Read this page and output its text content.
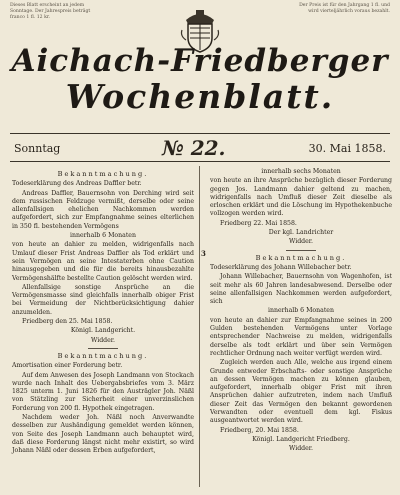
Dieses Blatt erscheint an jedem Sonntage. Der Jahrespreis beträgt franco 1 fl. 12 kr.
Der Preis ist für den Jahrgang 1 fl. und wird vierteljährlich voraus bezahlt.
Aichach-Friedberger
Wochenblatt.
Sonntag	№ 22.	30. Mai 1858.

Bekanntmachung.

Todeserklärung des Andreas Daffler betr.

Andreas Daffler, Bauernsohn von Derching wird seit dem russischen Feldzuge vermißt, derselbe oder seine allenfallsigen ehelichen Nachkommen werden aufgefordert, sich zur Empfangnahme seines elterlichen in 350 fl. bestehenden Vermögens

innerhalb 6 Monaten

von heute an dahier zu melden, widrigenfalls nach Umlauf dieser Frist Andreas Daffler als Tod erklärt und sein Vermögen an seine Intestaterben ohne Caution hinausgegeben und die für die bereits hinausbezahlte Vermögenshälfte bestellte Caution gelöscht werden wird.

Allenfallsige sonstige Ansprüche an die Vermögensmasse sind gleichfalls innerhalb obiger Frist bei Vermeidung der Nichtberücksichtigung dahier anzumelden.

Friedberg den 25. Mai 1858.

Königl. Landgericht.

Widder.

Bekanntmachung.

Amortisation einer Forderung betr.

Auf dem Anwesen des Joseph Landmann von Stockach wurde nach Inhalt des Uebergabsbriefes vom 3. März 1825 unterm 1. Juni 1826 für den Austrägler Joh. Näßl von Stätzling zur Sicherheit einer unverzinslichen Forderung von 200 fl. Hypothek eingetragen.

Nachdem weder Joh. Näßl noch Anverwandte desselben zur Aushändigung gemeldet werden können, von Seite des Joseph Landmann auch behauptet wird, daß diese Forderung längst nicht mehr existirt, so wird Johann Näßl oder dessen Erben aufgefordert,

3

innerhalb sechs Monaten

von heute an ihre Ansprüche bezüglich dieser Forderung gegen Jos. Landmann dahier geltend zu machen, widrigenfalls nach Umfluß dieser Zeit dieselbe als erloschen erklärt und die Löschung im Hypothekenbuche vollzogen werden wird.

Friedberg 22. Mai 1858.

Der kgl. Landrichter

Widder.

Bekanntmachung.

Todeserklärung des Johann Willebacher betr.

Johann Willebacher, Bauernsohn von Wagenhofen, ist seit mehr als 60 Jahren landesabwesend. Derselbe oder seine allenfallsigen Nachkommen werden aufgefordert, sich

innerhalb 6 Monaten

von heute an dahier zur Empfangnahme seines in 200 Gulden bestehenden Vermögens unter Vorlage entsprechender Nachweise zu melden, widrigenfalls derselbe als todt erklärt und über sein Vermögen rechtlicher Ordnung nach weiter verfügt werden wird.

Zugleich werden auch Alle, welche aus irgend einem Grunde entweder Erbschafts- oder sonstige Ansprüche an dessen Vermögen machen zu können glauben, aufgefordert, innerhalb obiger Frist mit ihren Ansprüchen dahier aufzutreten, indem nach Umfluß dieser Zeit das Vermögen den bekannt gewordenen Verwandten oder eventuell dem kgl. Fiskus ausgeantwortet werden wird.

Friedberg, 20. Mai 1858.

Königl. Landgericht Friedberg.

Widder.
